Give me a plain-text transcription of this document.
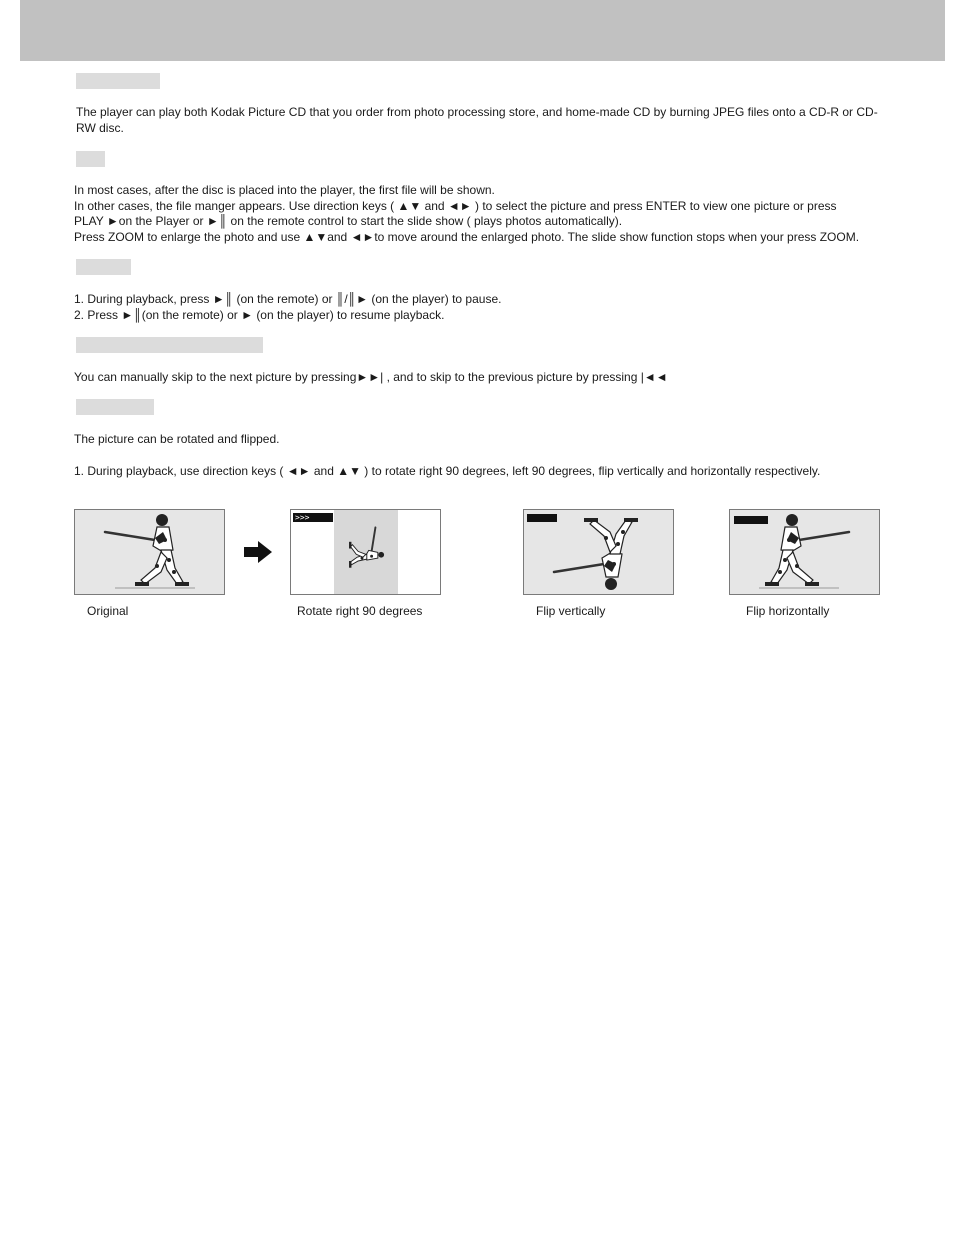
The player can play both Kodak Picture CD that you order from photo processing store, and home-made CD by burning JPEG files onto a CD-R or CD-RW disc.
In most cases, after the disc is placed into the player, the first file will be shown.
In other cases, the file manger appears. Use direction keys ( ▲▼ and ◄► ) to select the picture and press ENTER to view one picture or press
PLAY ►on the Player or ►║ on the remote control to start the slide show ( plays photos automatically).
Press ZOOM to enlarge the photo and use ▲▼and ◄►to move around the enlarged photo. The slide show function stops when your press ZOOM.
1. During playback, press ►║ (on the remote) or ║/║► (on the player) to pause.
2. Press ►║(on the remote) or ► (on the player) to resume playback.
You can manually skip to the next picture by pressing►►| , and to skip to the previous picture by pressing |◄◄
The picture can be rotated and flipped.
1. During playback, use direction keys ( ◄► and ▲▼ ) to rotate right 90 degrees, left 90 degrees, flip vertically and horizontally respectively.
>>>
Original	Rotate right 90 degrees	Flip vertically	Flip horizontally
